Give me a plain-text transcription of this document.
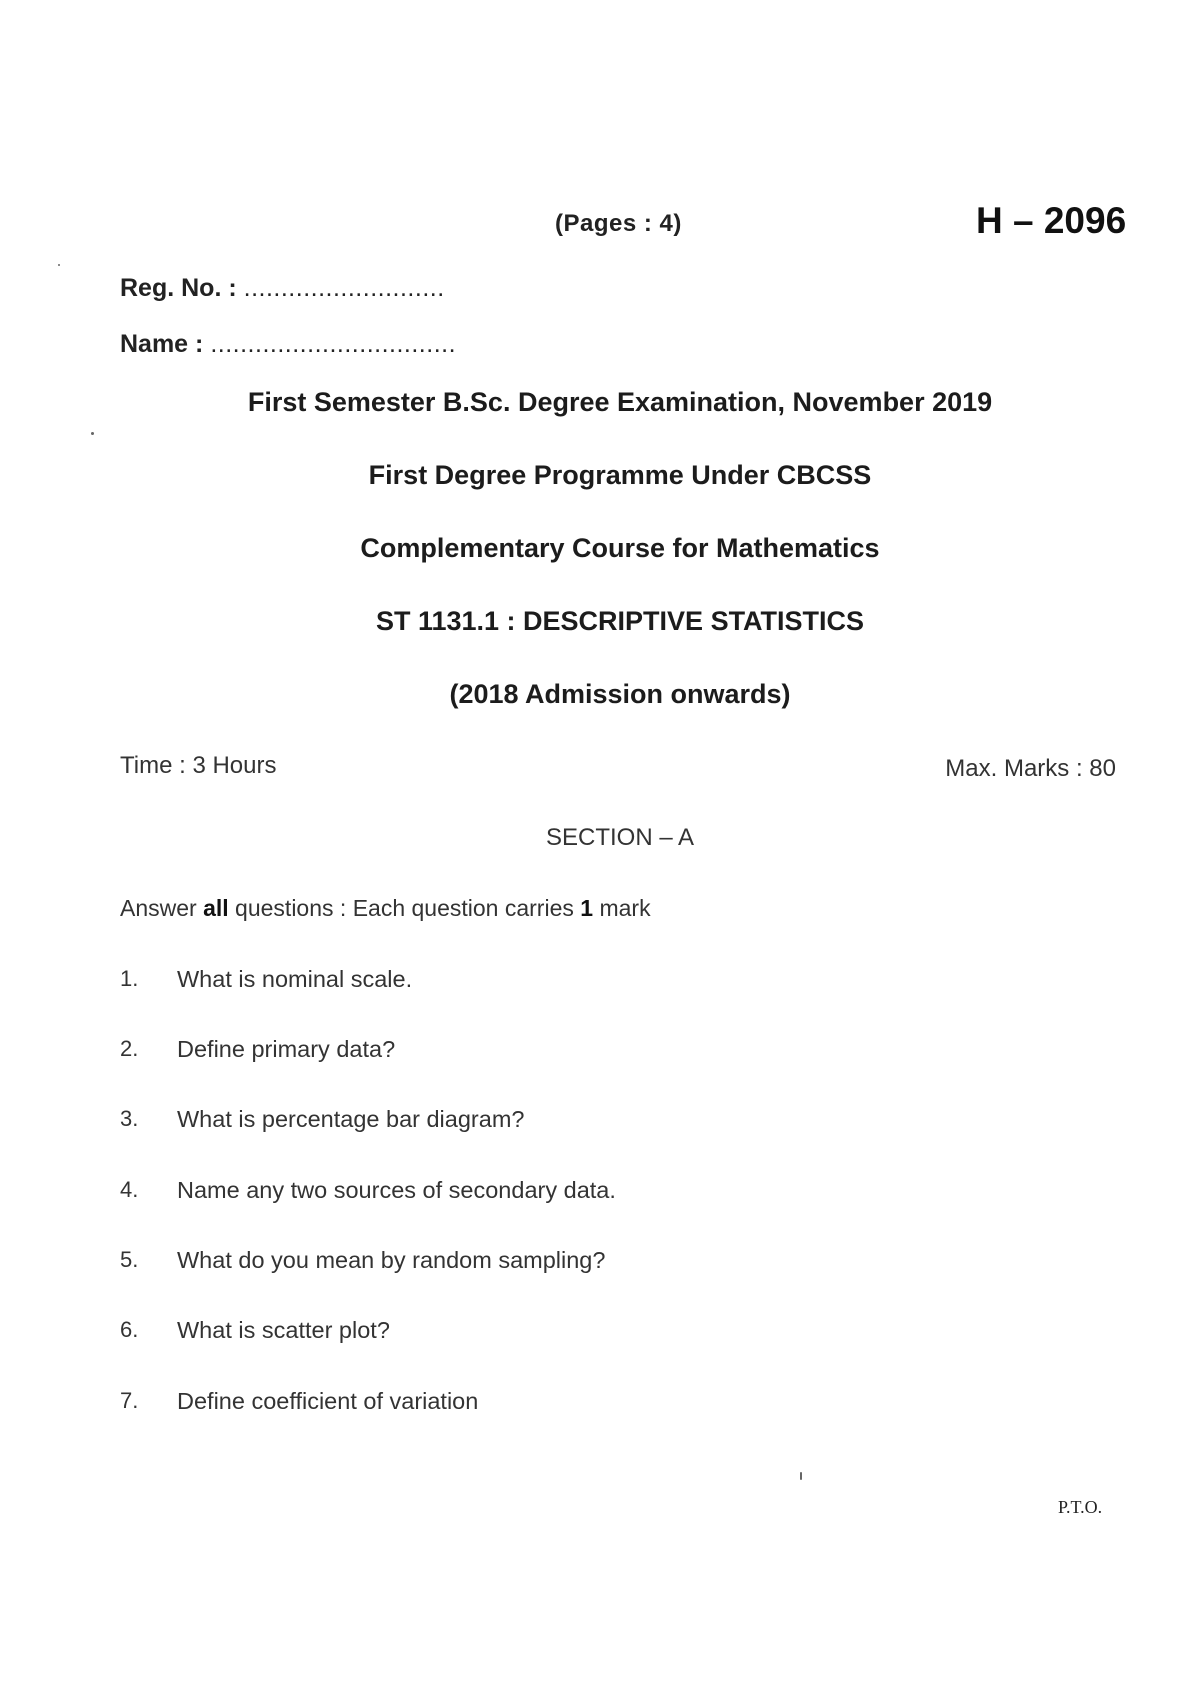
(Pages : 4)	H – 2096
Reg. No. : ...........................
Name : .................................
First Semester B.Sc. Degree Examination, November 2019
First Degree Programme Under CBCSS
Complementary Course for Mathematics
ST 1131.1 : DESCRIPTIVE STATISTICS
(2018 Admission onwards)
Time : 3 Hours	Max. Marks : 80
SECTION – A
Answer all questions : Each question carries 1 mark
1. What is nominal scale.
2. Define primary data?
3. What is percentage bar diagram?
4. Name any two sources of secondary data.
5. What do you mean by random sampling?
6. What is scatter plot?
7. Define coefficient of variation
P.T.O.
